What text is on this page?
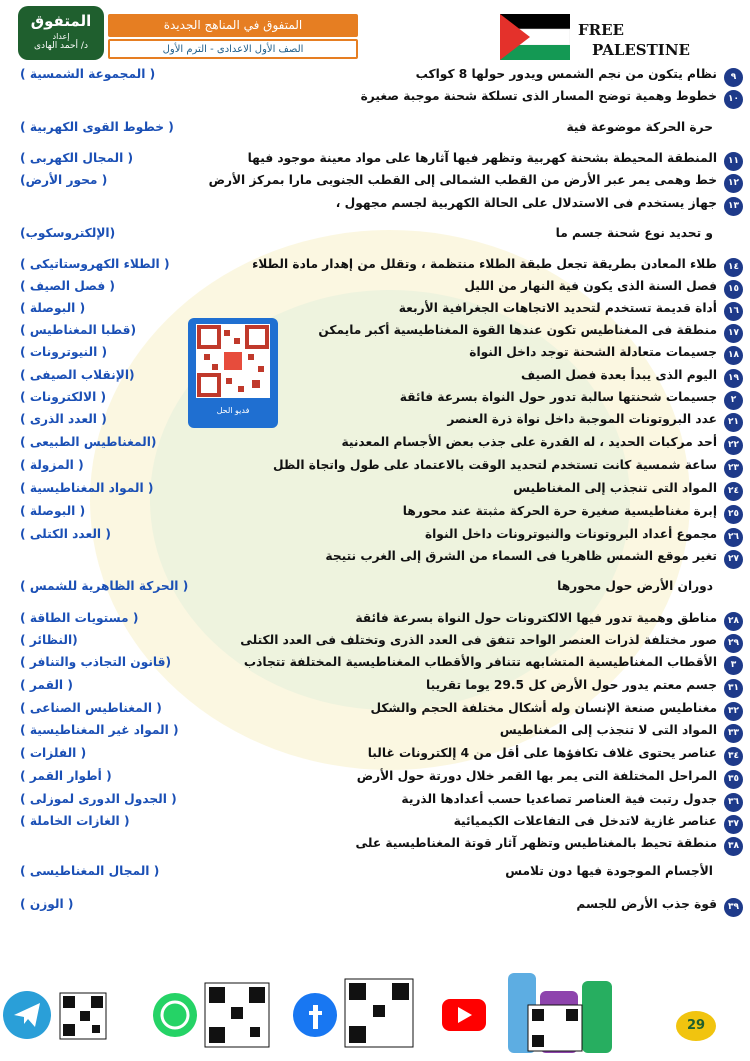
المتفوق
إعداد
د/ أحمد الهادى
المتفوق في المناهج الجديدة
الصف الأول الاعدادى - الترم الأول
FREE
PALESTINE
٩
نظام يتكون من نجم الشمس ويدور حولها 8 كواكب
( المجموعة الشمسية )
١٠
خطوط وهمية توضح المسار الذى تسلكة شحنة موجبة صغيرة
حرة الحركة موضوعة فية
( خطوط القوى الكهربية )
١١
المنطقة المحيطة بشحنة كهربية وتظهر فيها آثارها على مواد معينة موجود فيها
( المجال الكهربى )
١٢
خط وهمى يمر عبر الأرض من القطب الشمالى إلى القطب الجنوبى مارا بمركز الأرض
( محور الأرض)
١٣
جهاز يستخدم فى الاستدلال على الحالة الكهربية لجسم مجهول ،
و تحديد نوع شحنة جسم ما
(الإلكتروسكوب)
١٤
طلاء المعادن بطريقة تجعل طبقة الطلاء منتظمة ، وتقلل من إهدار مادة الطلاء
( الطلاء الكهروستاتيكى )
١٥
فصل السنة الذى يكون فية النهار من الليل
( فصل الصيف )
١٦
أداة قديمة تستخدم لتحديد الاتجاهات الجغرافية الأربعة
( البوصلة )
١٧
منطقة فى المغناطيس تكون عندها القوة المغناطيسية أكبر مايمكن
(قطبا المغناطيس )
١٨
جسيمات متعادلة الشحنة توجد داخل النواة
( النيوترونات )
١٩
اليوم الذى يبدأ بعدة فصل الصيف
(الإنقلاب الصيفى )
٢
جسيمات شحنتها سالبة تدور حول النواة بسرعة فائقة
( الالكترونات )
٢١
عدد البروتونات الموجبة داخل نواة ذرة العنصر
( العدد الذرى )
٢٢
أحد مركبات الحديد ، له القدرة على جذب بعض الأجسام المعدنية
(المغناطيس الطبيعى )
٢٣
ساعة شمسية كانت تستخدم لتحديد الوقت بالاعتماد على طول واتجاة الظل
( المزولة )
٢٤
المواد التى تنجذب إلى المغناطيس
( المواد المغناطيسية )
٢٥
إبرة مغناطيسية صغيرة حرة الحركة مثبتة عند محورها
( البوصلة )
٢٦
مجموع أعداد البروتونات والنيوترونات داخل النواة
( العدد الكتلى )
٢٧
تغير موقع الشمس ظاهريا فى السماء من الشرق إلى الغرب نتيجة
دوران الأرض حول محورها
( الحركة الظاهرية للشمس )
٢٨
مناطق وهمية تدور فيها الالكترونات حول النواة بسرعة فائقة
( مستويات الطاقة )
٢٩
صور مختلفة لذرات العنصر الواحد تتفق فى العدد الذرى وتختلف فى العدد الكتلى
(النظائر )
٣
الأقطاب المغناطيسية المتشابهه تتنافر والأقطاب المغناطيسية المختلفة تتجاذب
(قانون التجاذب والتنافر )
٣١
جسم معتم يدور حول الأرض كل 29.5 يوما تقريبا
( القمر )
٣٢
مغناطيس صنعة الإنسان وله أشكال مختلفة الحجم والشكل
( المغناطيس الصناعى )
٣٣
المواد التى لا تنجذب إلى المغناطيس
( المواد غير المغناطيسية )
٣٤
عناصر يحتوى غلاف تكافؤها على أقل من 4 إلكترونات غالبا
( الفلزات )
٣٥
المراحل المختلفة التى يمر بها القمر خلال دورتة حول الأرض
( أطوار القمر )
٣٦
جدول رتبت فية العناصر تصاعديا حسب أعدادها الذرية
( الجدول الدورى لموزلى )
٣٧
عناصر غازية لاتدخل فى التفاعلات الكيميائية
( الغازات الخاملة )
٣٨
منطقة تحيط بالمغناطيس وتظهر آثار قوتة المغناطيسية على
الأجسام الموجودة فيها دون تلامس
( المجال المغناطيسى )
٣٩
قوة جذب الأرض للجسم
( الوزن )
فديو الحل
29
